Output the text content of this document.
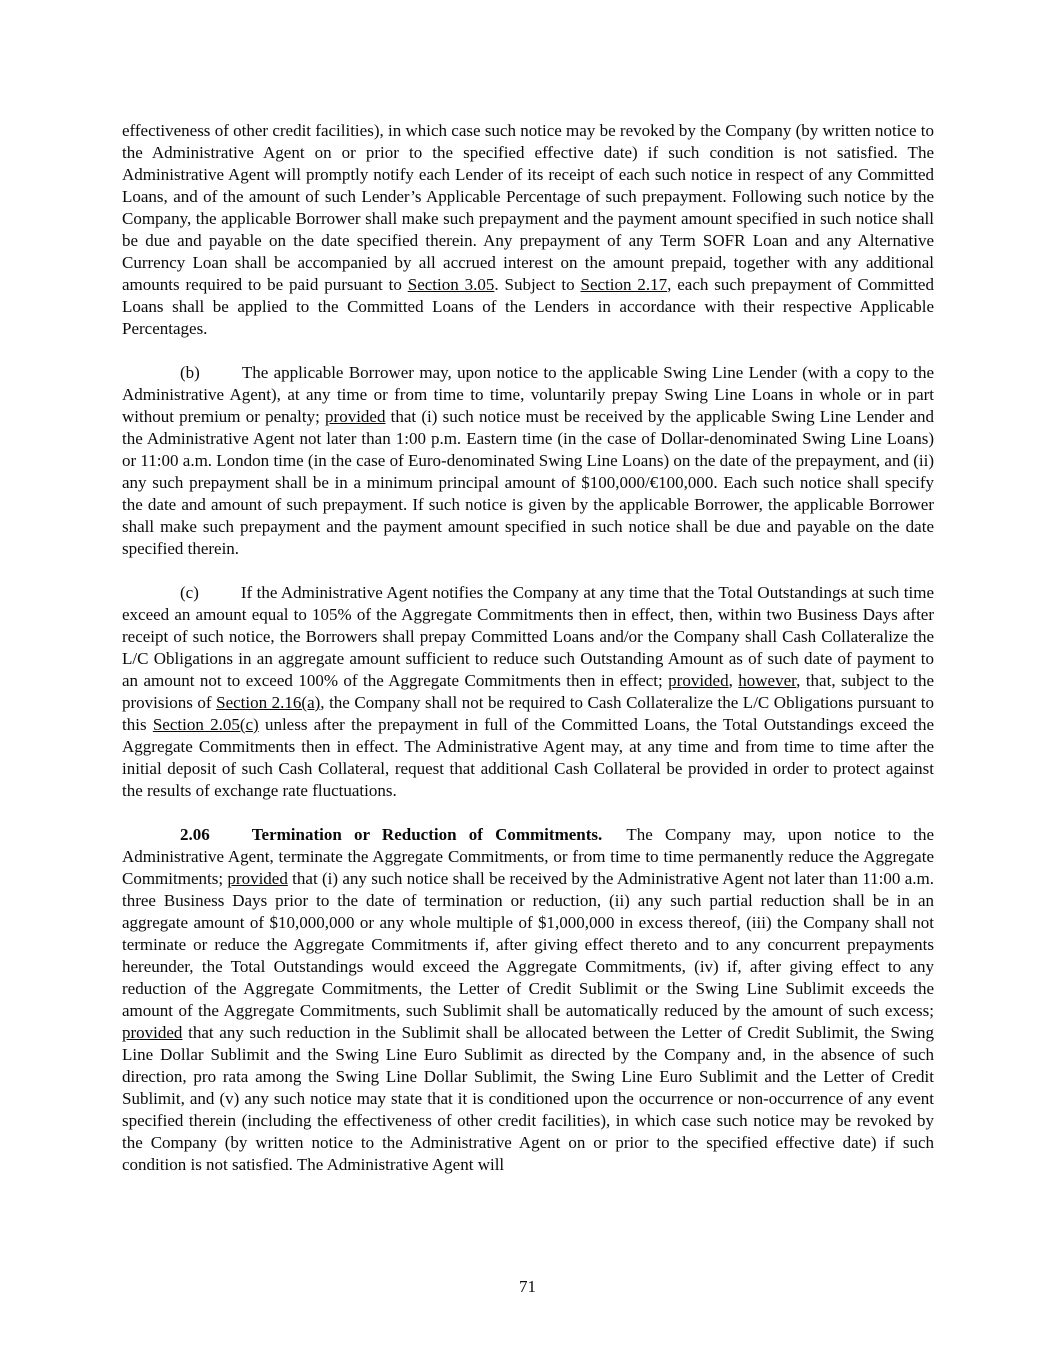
effectiveness of other credit facilities), in which case such notice may be revoked by the Company (by written notice to the Administrative Agent on or prior to the specified effective date) if such condition is not satisfied. The Administrative Agent will promptly notify each Lender of its receipt of each such notice in respect of any Committed Loans, and of the amount of such Lender’s Applicable Percentage of such prepayment. Following such notice by the Company, the applicable Borrower shall make such prepayment and the payment amount specified in such notice shall be due and payable on the date specified therein. Any prepayment of any Term SOFR Loan and any Alternative Currency Loan shall be accompanied by all accrued interest on the amount prepaid, together with any additional amounts required to be paid pursuant to Section 3.05. Subject to Section 2.17, each such prepayment of Committed Loans shall be applied to the Committed Loans of the Lenders in accordance with their respective Applicable Percentages.

(b) The applicable Borrower may, upon notice to the applicable Swing Line Lender (with a copy to the Administrative Agent), at any time or from time to time, voluntarily prepay Swing Line Loans in whole or in part without premium or penalty; provided that (i) such notice must be received by the applicable Swing Line Lender and the Administrative Agent not later than 1:00 p.m. Eastern time (in the case of Dollar-denominated Swing Line Loans) or 11:00 a.m. London time (in the case of Euro-denominated Swing Line Loans) on the date of the prepayment, and (ii) any such prepayment shall be in a minimum principal amount of $100,000/€100,000. Each such notice shall specify the date and amount of such prepayment. If such notice is given by the applicable Borrower, the applicable Borrower shall make such prepayment and the payment amount specified in such notice shall be due and payable on the date specified therein.

(c) If the Administrative Agent notifies the Company at any time that the Total Outstandings at such time exceed an amount equal to 105% of the Aggregate Commitments then in effect, then, within two Business Days after receipt of such notice, the Borrowers shall prepay Committed Loans and/or the Company shall Cash Collateralize the L/C Obligations in an aggregate amount sufficient to reduce such Outstanding Amount as of such date of payment to an amount not to exceed 100% of the Aggregate Commitments then in effect; provided, however, that, subject to the provisions of Section 2.16(a), the Company shall not be required to Cash Collateralize the L/C Obligations pursuant to this Section 2.05(c) unless after the prepayment in full of the Committed Loans, the Total Outstandings exceed the Aggregate Commitments then in effect. The Administrative Agent may, at any time and from time to time after the initial deposit of such Cash Collateral, request that additional Cash Collateral be provided in order to protect against the results of exchange rate fluctuations.

2.06 Termination or Reduction of Commitments.  The Company may, upon notice to the Administrative Agent, terminate the Aggregate Commitments, or from time to time permanently reduce the Aggregate Commitments; provided that (i) any such notice shall be received by the Administrative Agent not later than 11:00 a.m. three Business Days prior to the date of termination or reduction, (ii) any such partial reduction shall be in an aggregate amount of $10,000,000 or any whole multiple of $1,000,000 in excess thereof, (iii) the Company shall not terminate or reduce the Aggregate Commitments if, after giving effect thereto and to any concurrent prepayments hereunder, the Total Outstandings would exceed the Aggregate Commitments, (iv) if, after giving effect to any reduction of the Aggregate Commitments, the Letter of Credit Sublimit or the Swing Line Sublimit exceeds the amount of the Aggregate Commitments, such Sublimit shall be automatically reduced by the amount of such excess; provided that any such reduction in the Sublimit shall be allocated between the Letter of Credit Sublimit, the Swing Line Dollar Sublimit and the Swing Line Euro Sublimit as directed by the Company and, in the absence of such direction, pro rata among the Swing Line Dollar Sublimit, the Swing Line Euro Sublimit and the Letter of Credit Sublimit, and (v) any such notice may state that it is conditioned upon the occurrence or non-occurrence of any event specified therein (including the effectiveness of other credit facilities), in which case such notice may be revoked by the Company (by written notice to the Administrative Agent on or prior to the specified effective date) if such condition is not satisfied. The Administrative Agent will

71
